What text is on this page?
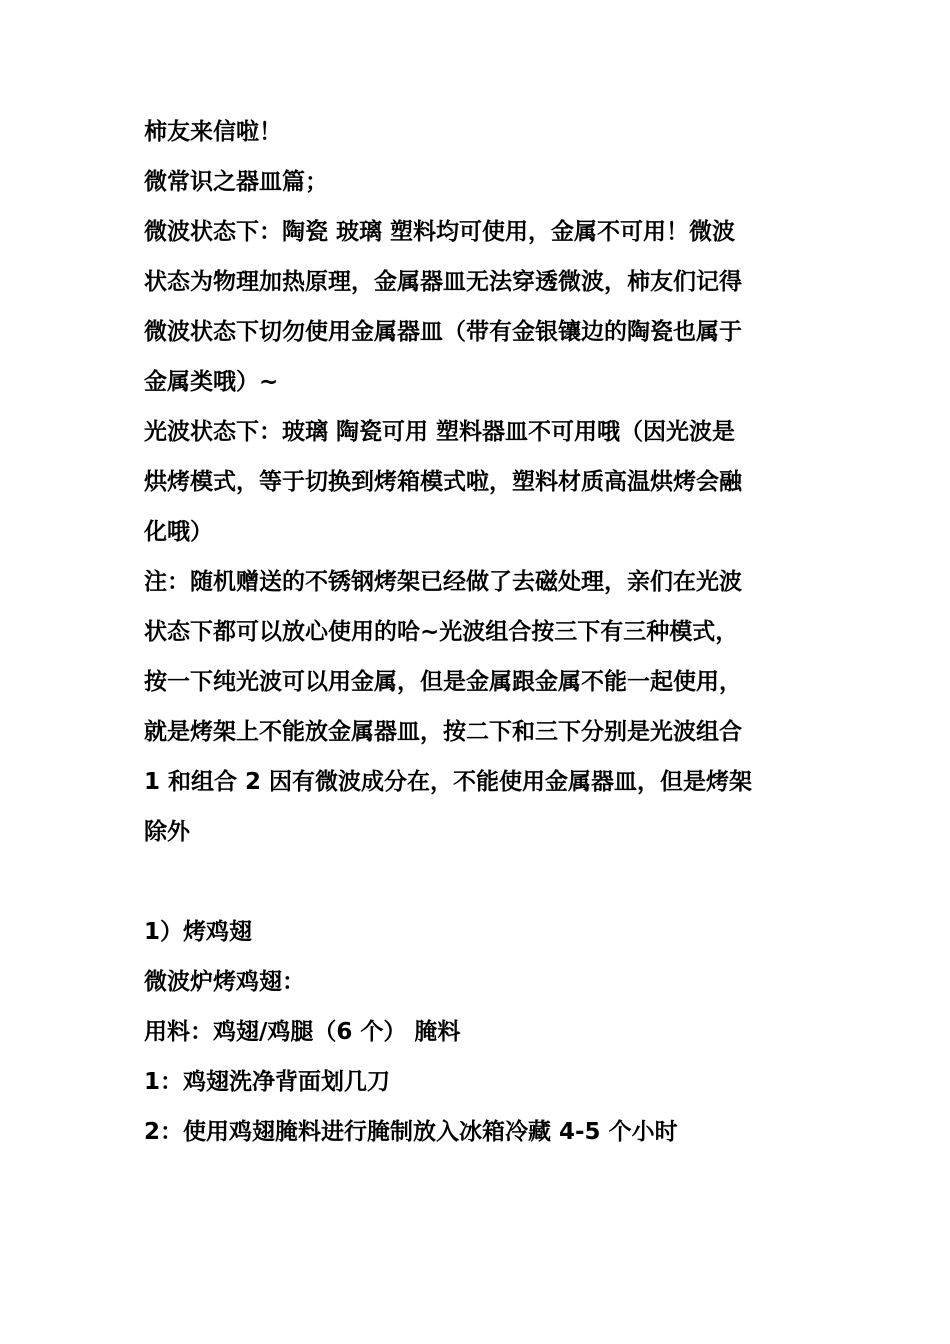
柿友来信啦！
微常识之器皿篇；
微波状态下：陶瓷 玻璃 塑料均可使用，金属不可用！微波
状态为物理加热原理，金属器皿无法穿透微波，柿友们记得
微波状态下切勿使用金属器皿（带有金银镶边的陶瓷也属于
金属类哦）~
光波状态下：玻璃 陶瓷可用 塑料器皿不可用哦（因光波是
烘烤模式，等于切换到烤箱模式啦，塑料材质高温烘烤会融
化哦）
注：随机赠送的不锈钢烤架已经做了去磁处理，亲们在光波
状态下都可以放心使用的哈~光波组合按三下有三种模式，
按一下纯光波可以用金属，但是金属跟金属不能一起使用，
就是烤架上不能放金属器皿，按二下和三下分别是光波组合
1 和组合 2 因有微波成分在，不能使用金属器皿，但是烤架
除外
1）烤鸡翅
微波炉烤鸡翅：
用料：鸡翅/鸡腿（6 个） 腌料
1：鸡翅洗净背面划几刀
2：使用鸡翅腌料进行腌制放入冰箱冷藏 4-5 个小时
